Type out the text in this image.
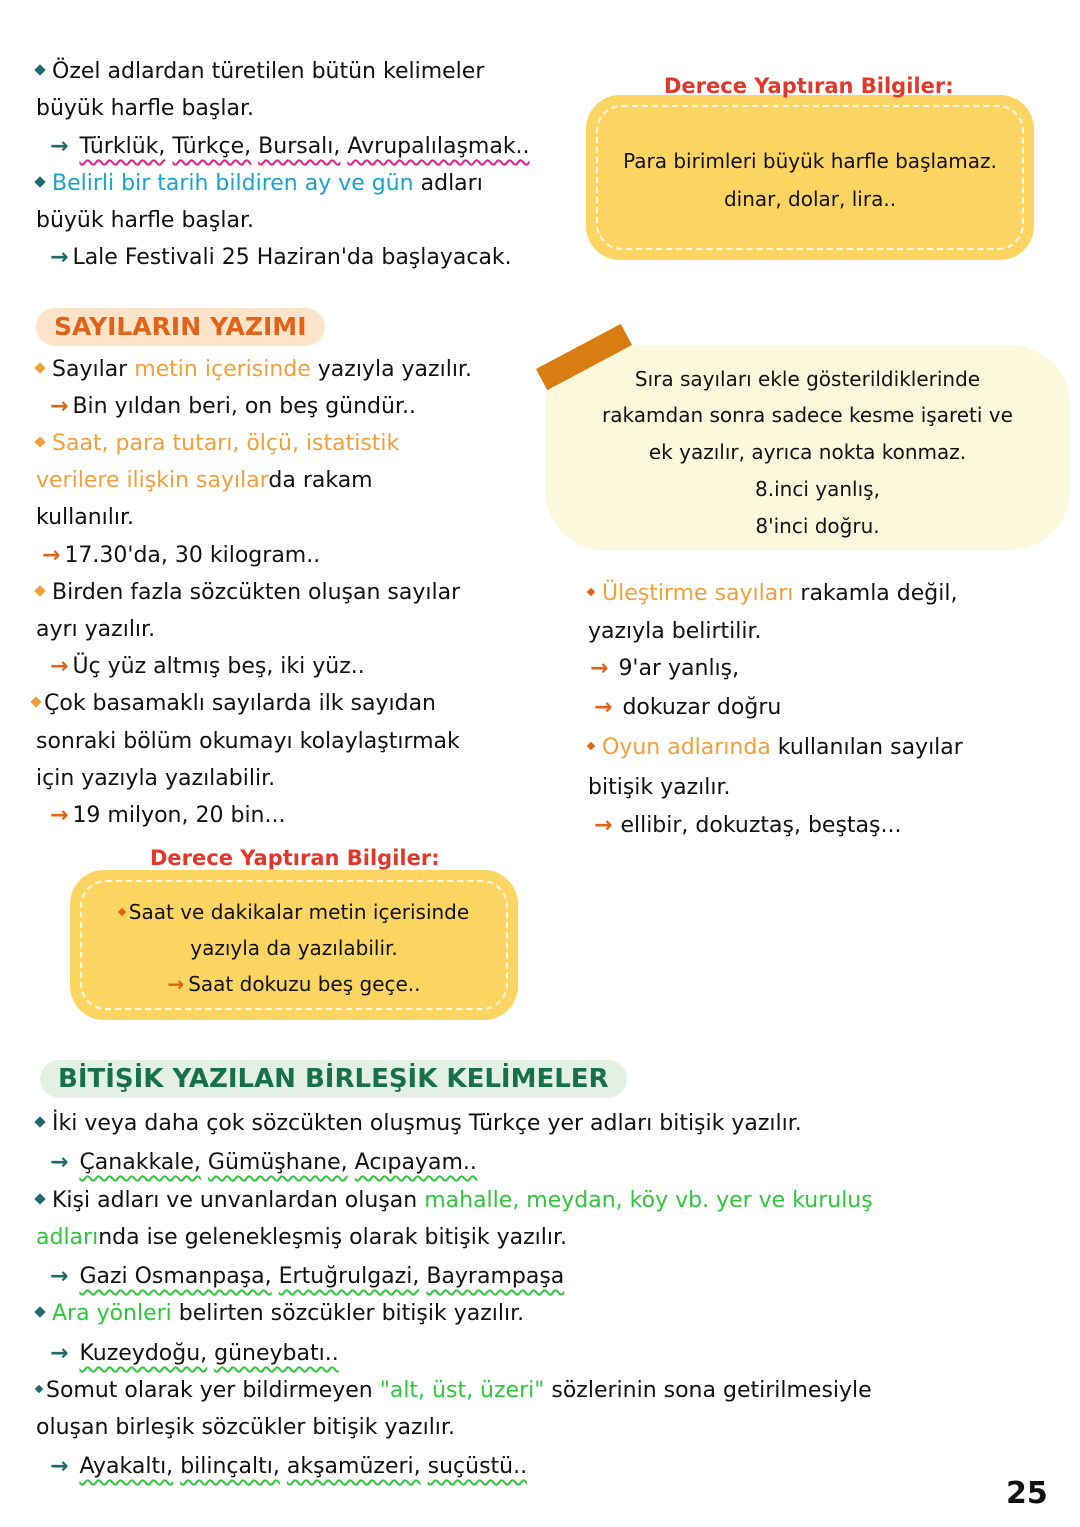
Özel adlardan türetilen bütün kelimeler
büyük harfle başlar.
→ Türklük, Türkçe, Bursalı, Avrupalılaşmak..
Belirli bir tarih bildiren ay ve gün adları
büyük harfle başlar.
→ Lale Festivali 25 Haziran'da başlayacak.
Para birimleri büyük harfle başlamaz.
dinar, dolar, lira..
Derece Yaptıran Bilgiler:
SAYILARIN YAZIMI
Sayılar metin içerisinde yazıyla yazılır.
→ Bin yıldan beri, on beş gündür..
Saat, para tutarı, ölçü, istatistik
verilere ilişkin sayılarda rakam
kullanılır.
→ 17.30'da, 30 kilogram..
Birden fazla sözcükten oluşan sayılar
ayrı yazılır.
→ Üç yüz altmış beş, iki yüz..
Çok basamaklı sayılarda ilk sayıdan
sonraki bölüm okumayı kolaylaştırmak
için yazıyla yazılabilir.
→ 19 milyon, 20 bin...
Sıra sayıları ekle gösterildiklerinde
rakamdan sonra sadece kesme işareti ve
ek yazılır, ayrıca nokta konmaz.
8.inci yanlış,
8'inci doğru.
Üleştirme sayıları rakamla değil,
yazıyla belirtilir.
→ 9'ar yanlış,
→ dokuzar doğru
Oyun adlarında kullanılan sayılar
bitişik yazılır.
→ ellibir, dokuztaş, beştaş...
Saat ve dakikalar metin içerisinde
yazıyla da yazılabilir.
→ Saat dokuzu beş geçe..
Derece Yaptıran Bilgiler:
BİTİŞİK YAZILAN BİRLEŞİK KELİMELER
İki veya daha çok sözcükten oluşmuş Türkçe yer adları bitişik yazılır.
→ Çanakkale, Gümüşhane, Acıpayam..
Kişi adları ve unvanlardan oluşan mahalle, meydan, köy vb. yer ve kuruluş
adlarında ise gelenekleşmiş olarak bitişik yazılır.
→ Gazi Osmanpaşa, Ertuğrulgazi, Bayrampaşa
Ara yönleri belirten sözcükler bitişik yazılır.
→ Kuzeydoğu, güneybatı..
Somut olarak yer bildirmeyen "alt, üst, üzeri" sözlerinin sona getirilmesiyle
oluşan birleşik sözcükler bitişik yazılır.
→ Ayakaltı, bilinçaltı, akşamüzeri, suçüstü..
25
